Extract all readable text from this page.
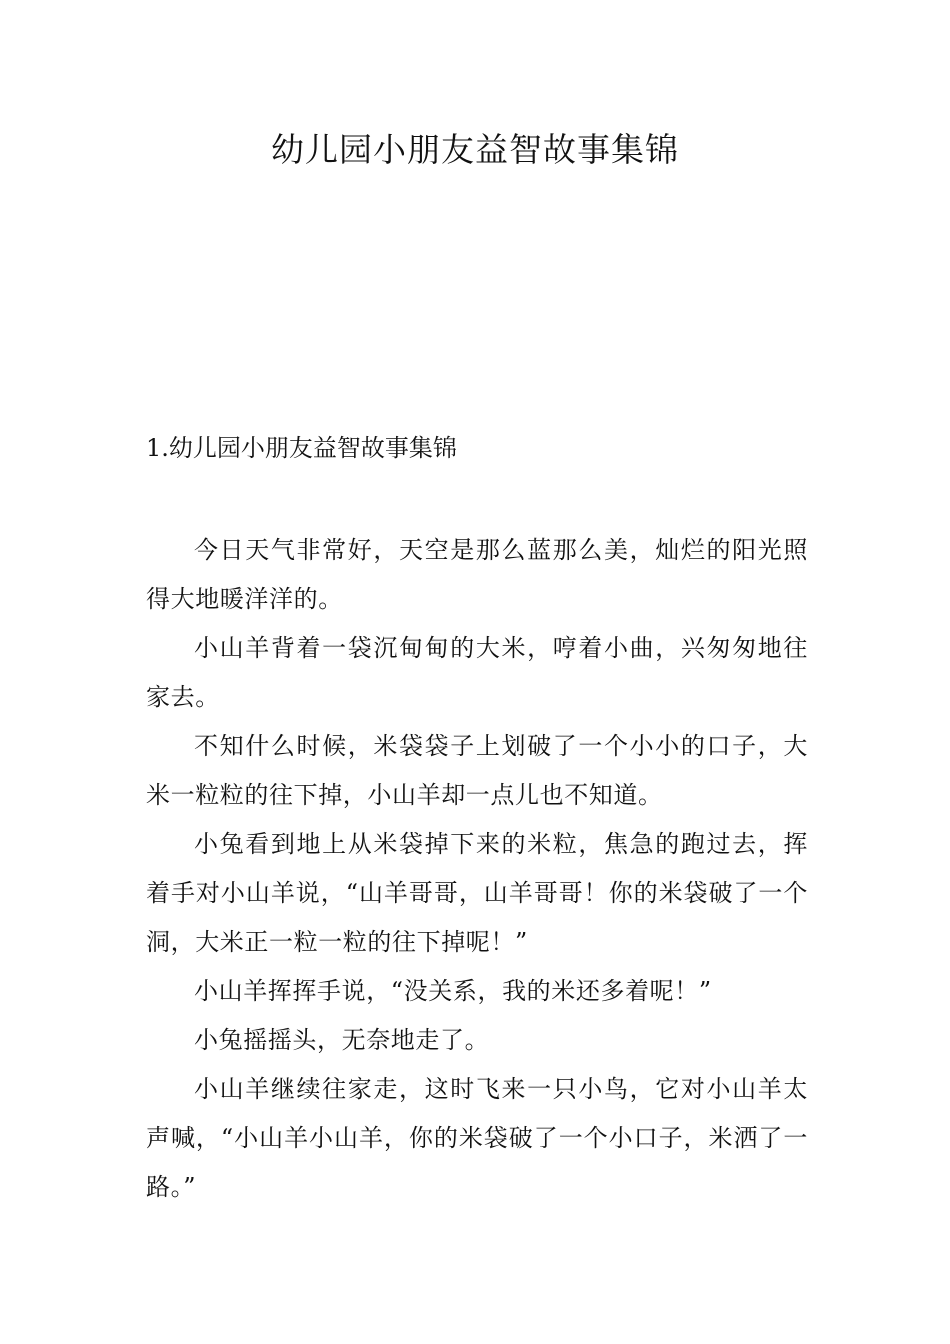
幼儿园小朋友益智故事集锦
1.幼儿园小朋友益智故事集锦

今日天气非常好，天空是那么蓝那么美，灿烂的阳光照得大地暖洋洋的。

小山羊背着一袋沉甸甸的大米，哼着小曲，兴匆匆地往家去。

不知什么时候，米袋袋子上划破了一个小小的口子，大米一粒粒的往下掉，小山羊却一点儿也不知道。

小兔看到地上从米袋掉下来的米粒，焦急的跑过去，挥着手对小山羊说，“山羊哥哥，山羊哥哥！你的米袋破了一个洞，大米正一粒一粒的往下掉呢！”

小山羊挥挥手说，“没关系，我的米还多着呢！”

小兔摇摇头，无奈地走了。

小山羊继续往家走，这时飞来一只小鸟，它对小山羊太声喊，“小山羊小山羊，你的米袋破了一个小口子，米洒了一路。”
